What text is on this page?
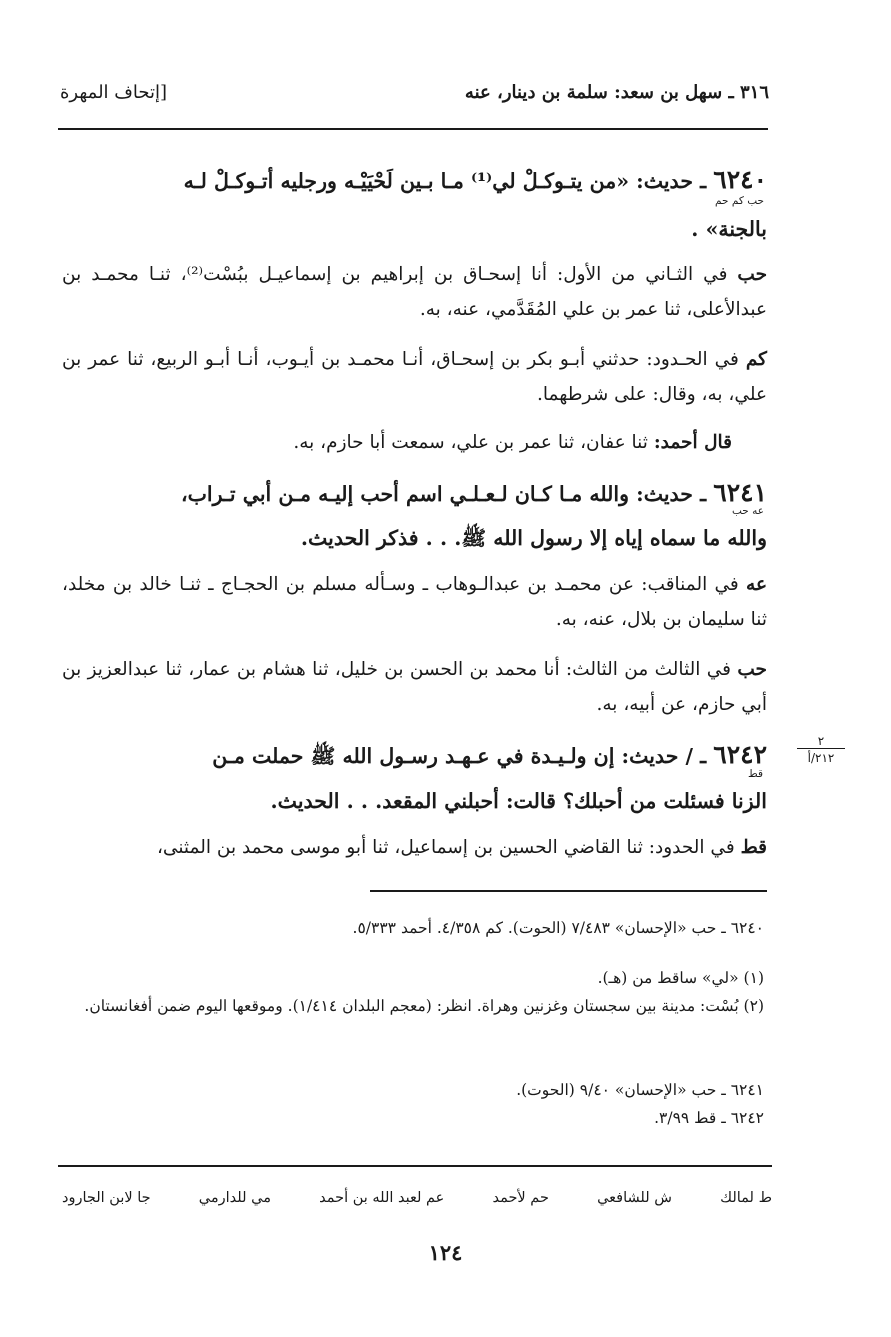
٣١٦ ـ سهل بن سعد: سلمة بن دينار، عنه
[إتحاف المهرة
٦٢٤٠ ـ حديث: «من يتـوكـلْ لي⁽¹⁾ مـا بـين لَحْيَيْـه ورجليه أتـوكـلْ لـه
حب كم حم
بالجنة» .
حب في الثـاني من الأول: أنا إسحـاق بن إبراهيم بن إسماعيـل ببُسْت⁽²⁾، ثنـا محمـد بن عبدالأعلى، ثنا عمر بن علي المُقَدَّمي، عنه، به.
كم في الحـدود: حدثني أبـو بكر بن إسحـاق، أنـا محمـد بن أيـوب، أنـا أبـو الربيع، ثنا عمر بن علي، به، وقال: على شرطهما.
قال أحمد: ثنا عفان، ثنا عمر بن علي، سمعت أبا حازم، به.
٦٢٤١ ـ حديث: والله مـا كـان لـعـلـي اسم أحب إليـه مـن أبي تـراب،
عه حب
والله ما سماه إياه إلا رسول الله ﷺ. . . فذكر الحديث.
عه في المناقب: عن محمـد بن عبدالـوهاب ـ وسـأله مسلم بن الحجـاج ـ ثنـا خالد بن مخلد، ثنا سليمان بن بلال، عنه، به.
حب في الثالث من الثالث: أنا محمد بن الحسن بن خليل، ثنا هشام بن عمار، ثنا عبدالعزيز بن أبي حازم، عن أبيه، به.
٢
٢١٢/أ
٦٢٤٢ ـ / حديث: إن ولـيـدة في عـهـد رسـول الله ﷺ حملت مـن
قط
الزنا فسئلت من أحبلك؟ قالت: أحبلني المقعد. . . الحديث.
قط في الحدود: ثنا القاضي الحسين بن إسماعيل، ثنا أبو موسى محمد بن المثنى،
٦٢٤٠ ـ حب «الإحسان» ٧/٤٨٣ (الحوت). كم ٤/٣٥٨. أحمد ٥/٣٣٣.
(١) «لي» ساقط من (هـ).
(٢) بُسْت: مدينة بين سجستان وغزنين وهراة. انظر: (معجم البلدان ١/٤١٤). وموقعها اليوم ضمن أفغانستان.
٦٢٤١ ـ حب «الإحسان» ٩/٤٠ (الحوت).
٦٢٤٢ ـ قط ٣/٩٩.
ط لمالك
ش للشافعي
حم لأحمد
عم لعبد الله بن أحمد
مي للدارمي
جا لابن الجارود
١٢٤
